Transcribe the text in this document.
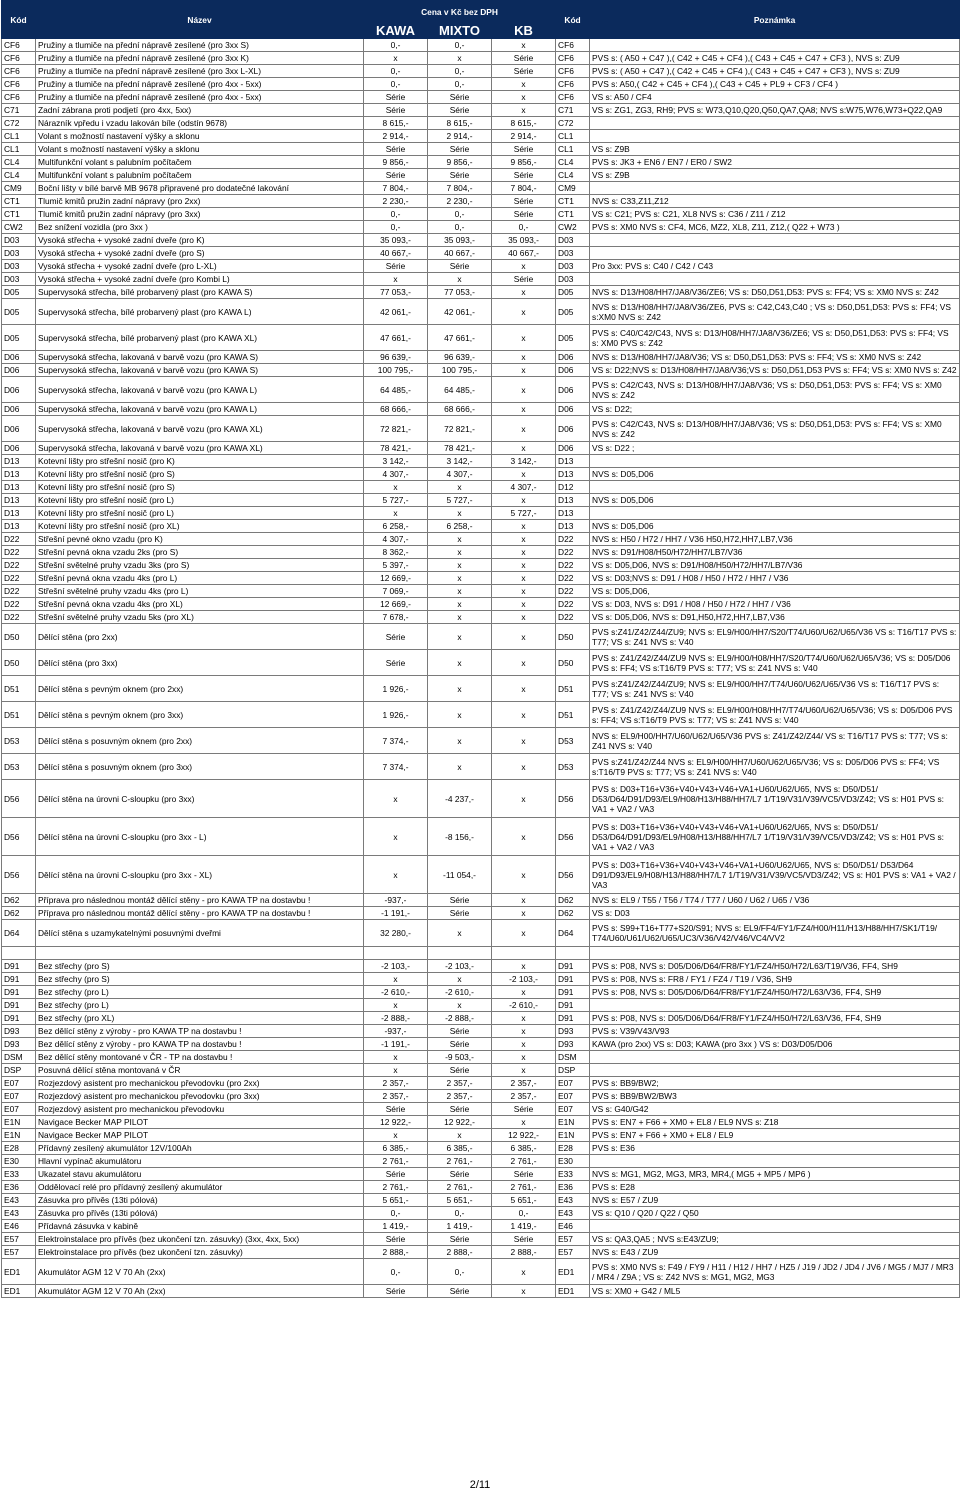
Kód	Název	Cena v Kč bez DPH			Kód	Poznámka
		KAWA	MIXTO	KB		
CF6	Pružiny a tlumiče na přední nápravě zesílené (pro 3xx S)	0,-	0,-	x	CF6	
CF6	Pružiny a tlumiče na přední nápravě zesílené (pro 3xx K)	x	x	Série	CF6	PVS s: ( A50 + C47 ),( C42 + C45 + CF4 ),( C43 + C45 + C47 + CF3 ), NVS s: ZU9
CF6	Pružiny a tlumiče na přední nápravě zesílené (pro 3xx L-XL)	0,-	0,-	Série	CF6	PVS s: ( A50 + C47 ),( C42 + C45 + CF4 ),( C43 + C45 + C47 + CF3 ), NVS s: ZU9
CF6	Pružiny a tlumiče na přední nápravě zesílené (pro 4xx - 5xx)	0,-	0,-	x	CF6	PVS s: A50,( C42 + C45 + CF4 ),( C43 + C45 + PL9 + CF3 / CF4 )
CF6	Pružiny a tlumiče na přední nápravě zesílené (pro 4xx - 5xx)	Série	Série	x	CF6	VS s: A50 / CF4
C71	Zadní zábrana proti podjetí (pro 4xx, 5xx)	Série	Série	x	C71	VS s: ZG1, ZG3, RH9; PVS s: W73,Q10,Q20,Q50,QA7,QA8; NVS s:W75,W76,W73+Q22,QA9
C72	Nárazník vpředu i vzadu lakován bíle (odstín 9678)	8 615,-	8 615,-	8 615,-	C72	
CL1	Volant s možností nastavení výšky a sklonu	2 914,-	2 914,-	2 914,-	CL1	
CL1	Volant s možností nastavení výšky a sklonu	Série	Série	Série	CL1	VS s: Z9B
CL4	Multifunkční volant s palubním počítačem	9 856,-	9 856,-	9 856,-	CL4	PVS s: JK3 + EN6 / EN7 / ER0 / SW2
CL4	Multifunkční volant s palubním počítačem	Série	Série	Série	CL4	VS s: Z9B
CM9	Boční lišty v bílé barvě MB 9678 připravené pro dodatečné lakování	7 804,-	7 804,-	7 804,-	CM9	
CT1	Tlumič kmitů pružin zadní nápravy (pro 2xx)	2 230,-	2 230,-	Série	CT1	NVS s: C33,Z11,Z12
CT1	Tlumič kmitů pružin zadní nápravy (pro 3xx)	0,-	0,-	Série	CT1	VS s: C21; PVS s: C21, XL8 NVS s: C36 / Z11 / Z12
CW2	Bez snížení vozidla (pro 3xx )	0,-	0,-	0,-	CW2	PVS s: XM0 NVS s: CF4, MC6, MZ2, XL8, Z11, Z12,( Q22 + W73 )
D03	Vysoká střecha + vysoké zadní dveře (pro K)	35 093,-	35 093,-	35 093,-	D03	
D03	Vysoká střecha + vysoké zadní dveře (pro S)	40 667,-	40 667,-	40 667,-	D03	
D03	Vysoká střecha + vysoké zadní dveře (pro L-XL)	Série	Série	x	D03	Pro 3xx: PVS s: C40 / C42 / C43
D03	Vysoká střecha + vysoké zadní dveře (pro Kombi L)	x	x	Série	D03	
D05	Supervysoká střecha, bílé probarvený plast (pro KAWA S)	77 053,-	77 053,-	x	D05	NVS s: D13/H08/HH7/JA8/V36/ZE6; VS s: D50,D51,D53: PVS s: FF4; VS s: XM0 NVS s: Z42
D05	Supervysoká střecha, bílé probarvený plast (pro KAWA L)	42 061,-	42 061,-	x	D05	NVS s: D13/H08/HH7/JA8/V36/ZE6, PVS s: C42,C43,C40 ; VS s: D50,D51,D53: PVS s: FF4; VS s:XM0 NVS s: Z42
D05	Supervysoká střecha, bílé probarvený plast (pro KAWA XL)	47 661,-	47 661,-	x	D05	PVS s: C40/C42/C43, NVS s: D13/H08/HH7/JA8/V36/ZE6; VS s: D50,D51,D53: PVS s: FF4; VS s: XM0 PVS s: Z42
D06	Supervysoká střecha, lakovaná v barvě vozu (pro KAWA S)	96 639,-	96 639,-	x	D06	NVS s: D13/H08/HH7/JA8/V36; VS s: D50,D51,D53: PVS s: FF4; VS s: XM0 NVS s: Z42
D06	Supervysoká střecha, lakovaná v barvě vozu (pro KAWA S)	100 795,-	100 795,-	x	D06	VS s: D22;NVS s: D13/H08/HH7/JA8/V36;VS s: D50,D51,D53 PVS s: FF4; VS s: XM0 NVS s: Z42
D06	Supervysoká střecha, lakovaná v barvě vozu (pro KAWA L)	64 485,-	64 485,-	x	D06	PVS s: C42/C43, NVS s: D13/H08/HH7/JA8/V36; VS s: D50,D51,D53: PVS s: FF4; VS s: XM0 NVS s: Z42
D06	Supervysoká střecha, lakovaná v barvě vozu (pro KAWA L)	68 666,-	68 666,-	x	D06	VS s: D22;
D06	Supervysoká střecha, lakovaná v barvě vozu (pro KAWA XL)	72 821,-	72 821,-	x	D06	PVS s: C42/C43, NVS s: D13/H08/HH7/JA8/V36; VS s: D50,D51,D53: PVS s: FF4; VS s: XM0 NVS s: Z42
D06	Supervysoká střecha, lakovaná v barvě vozu (pro KAWA XL)	78 421,-	78 421,-	x	D06	VS s: D22 ;
D13	Kotevní lišty pro střešní nosič (pro K)	3 142,-	3 142,-	3 142,-	D13	
D13	Kotevní lišty pro střešní nosič (pro S)	4 307,-	4 307,-	x	D13	NVS s: D05,D06
D13	Kotevní lišty pro střešní nosič (pro S)	x	x	4 307,-	D12	
D13	Kotevní lišty pro střešní nosič (pro L)	5 727,-	5 727,-	x	D13	NVS s: D05,D06
D13	Kotevní lišty pro střešní nosič (pro L)	x	x	5 727,-	D13	
D13	Kotevní lišty pro střešní nosič (pro XL)	6 258,-	6 258,-	x	D13	NVS s: D05,D06
D22	Střešní pevné okno vzadu (pro K)	4 307,-	x	x	D22	NVS s: H50 / H72 / HH7 / V36 H50,H72,HH7,LB7,V36
D22	Střešní pevná okna vzadu 2ks (pro S)	8 362,-	x	x	D22	NVS s: D91/H08/H50/H72/HH7/LB7/V36
D22	Střešní světelné pruhy vzadu 3ks (pro S)	5 397,-	x	x	D22	VS s: D05,D06, NVS s: D91/H08/H50/H72/HH7/LB7/V36
D22	Střešní pevná okna vzadu 4ks (pro L)	12 669,-	x	x	D22	VS s: D03;NVS s: D91 / H08 / H50 / H72 / HH7 / V36
D22	Střešní světelné pruhy vzadu 4ks (pro L)	7 069,-	x	x	D22	VS s: D05,D06,
D22	Střešní pevná okna vzadu 4ks (pro XL)	12 669,-	x	x	D22	VS s: D03, NVS s: D91 / H08 / H50 / H72 / HH7 / V36
D22	Střešní světelné pruhy vzadu 5ks (pro XL)	7 678,-	x	x	D22	VS s: D05,D06, NVS s: D91,H50,H72,HH7,LB7,V36
D50	Dělící stěna (pro 2xx)	Série	x	x	D50	PVS s:Z41/Z42/Z44/ZU9; NVS s: EL9/H00/HH7/S20/T74/U60/U62/U65/V36 VS s: T16/T17 PVS s: T77; VS s: Z41 NVS s: V40
D50	Dělící stěna (pro 3xx)	Série	x	x	D50	PVS s: Z41/Z42/Z44/ZU9 NVS s: EL9/H00/H08/HH7/S20/T74/U60/U62/U65/V36; VS s: D05/D06 PVS s: FF4; VS s:T16/T9 PVS s: T77; VS s: Z41 NVS s: V40
D51	Dělící stěna s pevným oknem (pro 2xx)	1 926,-	x	x	D51	PVS s:Z41/Z42/Z44/ZU9; NVS s: EL9/H00/HH7/T74/U60/U62/U65/V36 VS s: T16/T17 PVS s: T77; VS s: Z41 NVS s: V40
D51	Dělící stěna s pevným oknem (pro 3xx)	1 926,-	x	x	D51	PVS s: Z41/Z42/Z44/ZU9 NVS s: EL9/H00/H08/HH7/T74/U60/U62/U65/V36; VS s: D05/D06 PVS s: FF4; VS s:T16/T9 PVS s: T77; VS s: Z41 NVS s: V40
D53	Dělící stěna s posuvným oknem (pro 2xx)	7 374,-	x	x	D53	NVS s: EL9/H00/HH7/U60/U62/U65/V36 PVS s: Z41/Z42/Z44/ VS s: T16/T17 PVS s: T77; VS s: Z41 NVS s: V40
D53	Dělící stěna s posuvným oknem (pro 3xx)	7 374,-	x	x	D53	PVS s:Z41/Z42/Z44 NVS s: EL9/H00/HH7/U60/U62/U65/V36; VS s: D05/D06 PVS s: FF4; VS s:T16/T9 PVS s: T77; VS s: Z41 NVS s: V40
D56	Dělící stěna na úrovni C-sloupku (pro 3xx)	x	-4 237,-	x	D56	PVS s: D03+T16+V36+V40+V43+V46+VA1+U60/U62/U65, NVS s: D50/D51/ D53/D64/D91/D93/EL9/H08/H13/H88/HH7/L7 1/T19/V31/V39/VC5/VD3/Z42; VS s: H01 PVS s: VA1 + VA2 / VA3
D56	Dělící stěna na úrovni C-sloupku (pro 3xx - L)	x	-8 156,-	x	D56	PVS s: D03+T16+V36+V40+V43+V46+VA1+U60/U62/U65, NVS s: D50/D51/ D53/D64/D91/D93/EL9/H08/H13/H88/HH7/L7 1/T19/V31/V39/VC5/VD3/Z42; VS s: H01 PVS s: VA1 + VA2 / VA3
D56	Dělící stěna na úrovni C-sloupku (pro 3xx - XL)	x	-11 054,-	x	D56	PVS s: D03+T16+V36+V40+V43+V46+VA1+U60/U62/U65, NVS s: D50/D51/ D53/D64 D91/D93/EL9/H08/H13/H88/HH7/L7 1/T19/V31/V39/VC5/VD3/Z42; VS s: H01 PVS s: VA1 + VA2 / VA3
D62	Příprava pro následnou montáž dělící stěny - pro KAWA TP na dostavbu !	-937,-	Série	x	D62	NVS s: EL9 / T55 / T56 / T74 / T77 / U60 / U62 / U65 / V36
D62	Příprava pro následnou montáž dělící stěny - pro KAWA TP na dostavbu !	-1 191,-	Série	x	D62	VS s: D03
D64	Dělící stěna s uzamykatelnými posuvnými dveřmi	32 280,-	x	x	D64	PVS s: S99+T16+T77+S20/S91; NVS s: EL9/FF4/FY1/FZ4/H00/H11/H13/H88/HH7/SK1/T19/ T74/U60/U61/U62/U65/UC3/V36/V42/V46/VC4/VV2

D91	Bez střechy (pro S)	-2 103,-	-2 103,-	x	D91	PVS s: P08, NVS s: D05/D06/D64/FR8/FY1/FZ4/H50/H72/L63/T19/V36, FF4, SH9
D91	Bez střechy (pro S)	x	x	-2 103,-	D91	PVS s: P08, NVS s: FR8 / FY1 / FZ4 / T19 / V36, SH9
D91	Bez střechy (pro L)	-2 610,-	-2 610,-	x	D91	PVS s: P08, NVS s: D05/D06/D64/FR8/FY1/FZ4/H50/H72/L63/V36, FF4, SH9
D91	Bez střechy (pro L)	x	x	-2 610,-	D91	
D91	Bez střechy (pro XL)	-2 888,-	-2 888,-	x	D91	PVS s: P08, NVS s: D05/D06/D64/FR8/FY1/FZ4/H50/H72/L63/V36, FF4, SH9
D93	Bez dělící stěny z výroby - pro KAWA TP na dostavbu !	-937,-	Série	x	D93	PVS s: V39/V43/V93
D93	Bez dělící stěny z výroby - pro KAWA TP na dostavbu !	-1 191,-	Série	x	D93	KAWA (pro 2xx) VS s: D03; KAWA (pro 3xx ) VS s: D03/D05/D06
DSM	Bez dělící stěny montované v ČR - TP na dostavbu !	x	-9 503,-	x	DSM	
DSP	Posuvná dělící stěna montovaná v ČR	x	Série	x	DSP	
E07	Rozjezdový asistent pro mechanickou převodovku (pro 2xx)	2 357,-	2 357,-	2 357,-	E07	PVS s: BB9/BW2;
E07	Rozjezdový asistent pro mechanickou převodovku (pro 3xx)	2 357,-	2 357,-	2 357,-	E07	PVS s: BB9/BW2/BW3
E07	Rozjezdový asistent pro mechanickou převodovku	Série	Série	Série	E07	VS s: G40/G42
E1N	Navigace Becker MAP PILOT	12 922,-	12 922,-	x	E1N	PVS s: EN7 + F66 + XM0 + EL8 / EL9 NVS s: Z18
E1N	Navigace Becker MAP PILOT	x	x	12 922,-	E1N	PVS s: EN7 + F66 + XM0 + EL8 / EL9
E28	Přídavný zesílený akumulátor 12V/100Ah	6 385,-	6 385,-	6 385,-	E28	PVS s: E36
E30	Hlavní vypínač akumulátoru	2 761,-	2 761,-	2 761,-	E30	
E33	Ukazatel stavu akumulátoru	Série	Série	Série	E33	NVS s: MG1, MG2, MG3, MR3, MR4,( MG5 + MP5 / MP6 )
E36	Oddělovací relé pro přídavný zesílený akumulátor	2 761,-	2 761,-	2 761,-	E36	PVS s: E28
E43	Zásuvka pro přívěs (13ti pólová)	5 651,-	5 651,-	5 651,-	E43	NVS s: E57 / ZU9
E43	Zásuvka pro přívěs (13ti pólová)	0,-	0,-	0,-	E43	VS s: Q10 / Q20 / Q22 / Q50
E46	Přídavná zásuvka v kabině	1 419,-	1 419,-	1 419,-	E46	
E57	Elektroinstalace pro přívěs (bez ukončení tzn. zásuvky) (3xx, 4xx, 5xx)	Série	Série	Série	E57	VS s: QA3,QA5 ; NVS s:E43/ZU9;
E57	Elektroinstalace pro přívěs (bez ukončení tzn. zásuvky)	2 888,-	2 888,-	2 888,-	E57	NVS s: E43 / ZU9
ED1	Akumulátor AGM 12 V 70 Ah (2xx)	0,-	0,-	x	ED1	PVS s: XM0 NVS s: F49 / FY9 / H11 / H12 / HH7 / HZ5 / J19 / JD2 / JD4 / JV6 / MG5 / MJ7 / MR3 / MR4 / Z9A ; VS s: Z42 NVS s: MG1, MG2, MG3
ED1	Akumulátor AGM 12 V 70 Ah (2xx)	Série	Série	x	ED1	VS s: XM0 + G42 / ML5
2/11
